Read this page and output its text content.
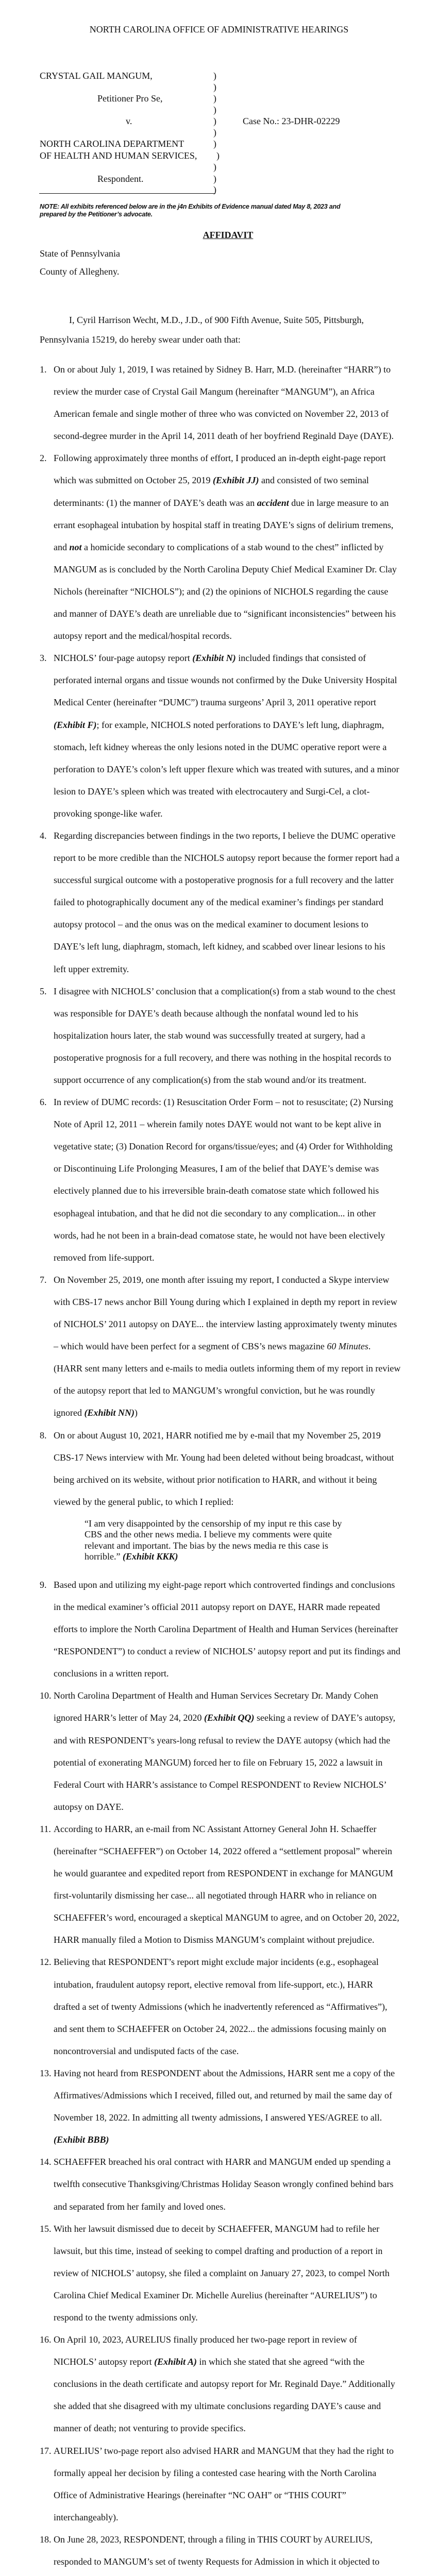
NORTH CAROLINA OFFICE OF ADMINISTRATIVE HEARINGS
CRYSTAL GAIL MANGUM,
Petitioner Pro Se,
v.
NORTH CAROLINA DEPARTMENT
OF HEALTH AND HUMAN SERVICES,
Respondent.
Case No.: 23-DHR-02229
)
)
)
)
)
)
)
)
)
)
)
NOTE: All exhibits referenced below are in the j4n Exhibits of Evidence manual dated May 8, 2023 and
prepared by the Petitioner’s advocate.
AFFIDAVIT
State of Pennsylvania
County of Allegheny.
I, Cyril Harrison Wecht, M.D., J.D., of 900 Fifth Avenue, Suite 505, Pittsburgh,
Pennsylvania 15219, do hereby swear under oath that:
1. On or about July 1, 2019, I was retained by Sidney B. Harr, M.D. (hereinafter “HARR”) to
review the murder case of Crystal Gail Mangum (hereinafter “MANGUM”), an Africa
American female and single mother of three who was convicted on November 22, 2013 of
second-degree murder in the April 14, 2011 death of her boyfriend Reginald Daye (DAYE).
2. Following approximately three months of effort, I produced an in-depth eight-page report
which was submitted on October 25, 2019 (Exhibit JJ) and consisted of two seminal
determinants: (1) the manner of DAYE’s death was an accident due in large measure to an
errant esophageal intubation by hospital staff in treating DAYE’s signs of delirium tremens,
and not a homicide secondary to complications of a stab wound to the chest” inflicted by
MANGUM as is concluded by the North Carolina Deputy Chief Medical Examiner Dr. Clay
Nichols (hereinafter “NICHOLS”); and (2) the opinions of NICHOLS regarding the cause
and manner of DAYE’s death are unreliable due to “significant inconsistencies” between his
autopsy report and the medical/hospital records.
3. NICHOLS’ four-page autopsy report (Exhibit N) included findings that consisted of
perforated internal organs and tissue wounds not confirmed by the Duke University Hospital
Medical Center (hereinafter “DUMC”) trauma surgeons’ April 3, 2011 operative report
(Exhibit F); for example, NICHOLS noted perforations to DAYE’s left lung, diaphragm,
stomach, left kidney whereas the only lesions noted in the DUMC operative report were a
perforation to DAYE’s colon’s left upper flexure which was treated with sutures, and a minor
lesion to DAYE’s spleen which was treated with electrocautery and Surgi-Cel, a clot-
provoking sponge-like wafer.
4. Regarding discrepancies between findings in the two reports, I believe the DUMC operative
report to be more credible than the NICHOLS autopsy report because the former report had a
successful surgical outcome with a postoperative prognosis for a full recovery and the latter
failed to photographically document any of the medical examiner’s findings per standard
autopsy protocol – and the onus was on the medical examiner to document lesions to
DAYE’s left lung, diaphragm, stomach, left kidney, and scabbed over linear lesions to his
left upper extremity.
5. I disagree with NICHOLS’ conclusion that a complication(s) from a stab wound to the chest
was responsible for DAYE’s death because although the nonfatal wound led to his
hospitalization hours later, the stab wound was successfully treated at surgery, had a
postoperative prognosis for a full recovery, and there was nothing in the hospital records to
support occurrence of any complication(s) from the stab wound and/or its treatment.
6. In review of DUMC records: (1) Resuscitation Order Form – not to resuscitate; (2) Nursing
Note of April 12, 2011 – wherein family notes DAYE would not want to be kept alive in
vegetative state; (3) Donation Record for organs/tissue/eyes; and (4) Order for Withholding
or Discontinuing Life Prolonging Measures, I am of the belief that DAYE’s demise was
electively planned due to his irreversible brain-death comatose state which followed his
esophageal intubation, and that he did not die secondary to any complication... in other
words, had he not been in a brain-dead comatose state, he would not have been electively
removed from life-support.
7. On November 25, 2019, one month after issuing my report, I conducted a Skype interview
with CBS-17 news anchor Bill Young during which I explained in depth my report in review
of NICHOLS’ 2011 autopsy on DAYE... the interview lasting approximately twenty minutes
– which would have been perfect for a segment of CBS’s news magazine 60 Minutes.
(HARR sent many letters and e-mails to media outlets informing them of my report in review
of the autopsy report that led to MANGUM’s wrongful conviction, but he was roundly
ignored (Exhibit NN))
8. On or about August 10, 2021, HARR notified me by e-mail that my November 25, 2019
CBS-17 News interview with Mr. Young had been deleted without being broadcast, without
being archived on its website, without prior notification to HARR, and without it being
viewed by the general public, to which I replied:
“I am very disappointed by the censorship of my input re this case by
CBS and the other news media. I believe my comments were quite
relevant and important. The bias by the news media re this case is
horrible.” (Exhibit KKK)
9. Based upon and utilizing my eight-page report which controverted findings and conclusions
in the medical examiner’s official 2011 autopsy report on DAYE, HARR made repeated
efforts to implore the North Carolina Department of Health and Human Services (hereinafter
“RESPONDENT”) to conduct a review of NICHOLS’ autopsy report and put its findings and
conclusions in a written report.
10. North Carolina Department of Health and Human Services Secretary Dr. Mandy Cohen
ignored HARR’s letter of May 24, 2020 (Exhibit QQ) seeking a review of DAYE’s autopsy,
and with RESPONDENT’s years-long refusal to review the DAYE autopsy (which had the
potential of exonerating MANGUM) forced her to file on February 15, 2022 a lawsuit in
Federal Court with HARR’s assistance to Compel RESPONDENT to Review NICHOLS’
autopsy on DAYE.
11. According to HARR, an e-mail from NC Assistant Attorney General John H. Schaeffer
(hereinafter “SCHAEFFER”) on October 14, 2022 offered a “settlement proposal” wherein
he would guarantee and expedited report from RESPONDENT in exchange for MANGUM
first-voluntarily dismissing her case... all negotiated through HARR who in reliance on
SCHAEFFER’s word, encouraged a skeptical MANGUM to agree, and on October 20, 2022,
HARR manually filed a Motion to Dismiss MANGUM’s complaint without prejudice.
12. Believing that RESPONDENT’s report might exclude major incidents (e.g., esophageal
intubation, fraudulent autopsy report, elective removal from life-support, etc.), HARR
drafted a set of twenty Admissions (which he inadvertently referenced as “Affirmatives”),
and sent them to SCHAEFFER on October 24, 2022... the admissions focusing mainly on
noncontroversial and undisputed facts of the case.
13. Having not heard from RESPONDENT about the Admissions, HARR sent me a copy of the
Affirmatives/Admissions which I received, filled out, and returned by mail the same day of
November 18, 2022. In admitting all twenty admissions, I answered YES/AGREE to all.
(Exhibit BBB)
14. SCHAEFFER breached his oral contract with HARR and MANGUM ended up spending a
twelfth consecutive Thanksgiving/Christmas Holiday Season wrongly confined behind bars
and separated from her family and loved ones.
15. With her lawsuit dismissed due to deceit by SCHAEFFER, MANGUM had to refile her
lawsuit, but this time, instead of seeking to compel drafting and production of a report in
review of NICHOLS’ autopsy, she filed a complaint on January 27, 2023, to compel North
Carolina Chief Medical Examiner Dr. Michelle Aurelius (hereinafter “AURELIUS”) to
respond to the twenty admissions only.
16. On April 10, 2023, AURELIUS finally produced her two-page report in review of
NICHOLS’ autopsy report (Exhibit A) in which she stated that she agreed “with the
conclusions in the death certificate and autopsy report for Mr. Reginald Daye.” Additionally
she added that she disagreed with my ultimate conclusions regarding DAYE’s cause and
manner of death; not venturing to provide specifics.
17. AURELIUS’ two-page report also advised HARR and MANGUM that they had the right to
formally appeal her decision by filing a contested case hearing with the North Carolina
Office of Administrative Hearings (hereinafter “NC OAH” or “THIS COURT”
interchangeably).
18. On June 28, 2023, RESPONDENT, through a filing in THIS COURT by AURELIUS,
responded to MANGUM’s set of twenty Requests for Admission in which it objected to
